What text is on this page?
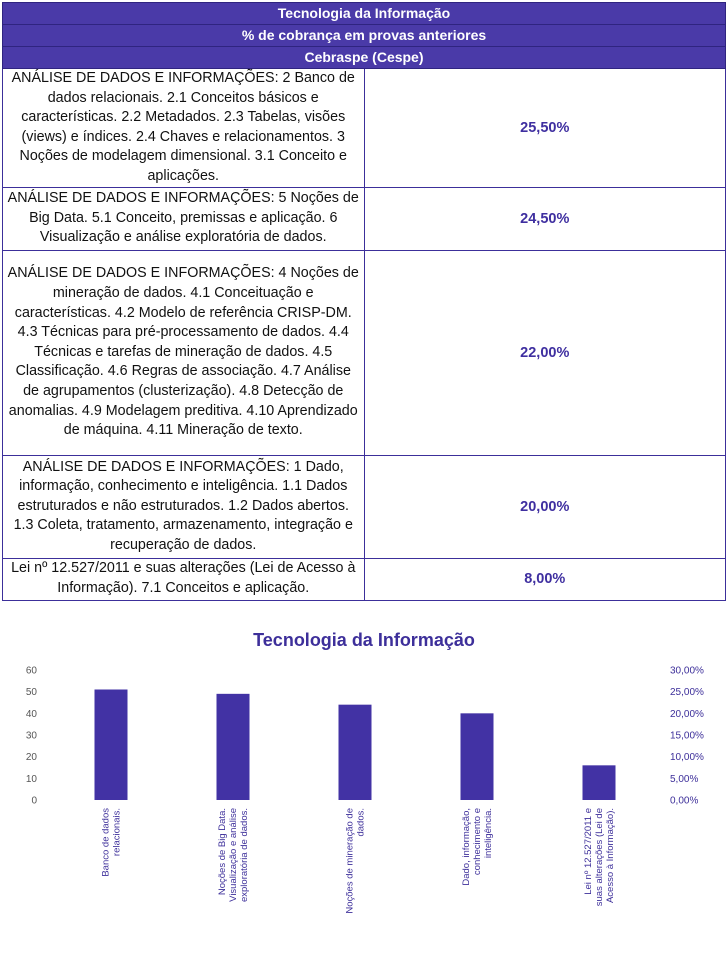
Tecnologia da Informação	
% de cobrança em provas anteriores	
Cebraspe (Cespe)	
ANÁLISE DE DADOS E INFORMAÇÕES: 2 Banco de dados relacionais. 2.1 Conceitos básicos e características. 2.2 Metadados. 2.3 Tabelas, visões (views) e índices. 2.4 Chaves e relacionamentos. 3 Noções de modelagem dimensional. 3.1 Conceito e aplicações.	25,50%
ANÁLISE DE DADOS E INFORMAÇÕES: 5 Noções de Big Data. 5.1 Conceito, premissas e aplicação. 6 Visualização e análise exploratória de dados.	24,50%
ANÁLISE DE DADOS E INFORMAÇÕES: 4 Noções de mineração de dados. 4.1 Conceituação e características. 4.2 Modelo de referência CRISP-DM. 4.3 Técnicas para pré-processamento de dados. 4.4 Técnicas e tarefas de mineração de dados. 4.5 Classificação. 4.6 Regras de associação. 4.7 Análise de agrupamentos (clusterização). 4.8 Detecção de anomalias. 4.9 Modelagem preditiva. 4.10 Aprendizado de máquina. 4.11 Mineração de texto.	22,00%
ANÁLISE DE DADOS E INFORMAÇÕES: 1 Dado, informação, conhecimento e inteligência. 1.1 Dados estruturados e não estruturados. 1.2 Dados abertos. 1.3 Coleta, tratamento, armazenamento, integração e recuperação de dados.	20,00%
Lei nº 12.527/2011 e suas alterações (Lei de Acesso à Informação). 7.1 Conceitos e aplicação.	8,00%
Tecnologia da Informação
0
10
20
30
40
50
60
0,00%
5,00%
10,00%
15,00%
20,00%
25,00%
30,00%
Banco de dados relacionais.	Noções de Big Data. Visualização e análise exploratória de dados.	Noções de mineração de dados.	Dado, informação, conhecimento e inteligência.	Lei nº 12.527/2011 e suas alterações (Lei de Acesso à Informação).
